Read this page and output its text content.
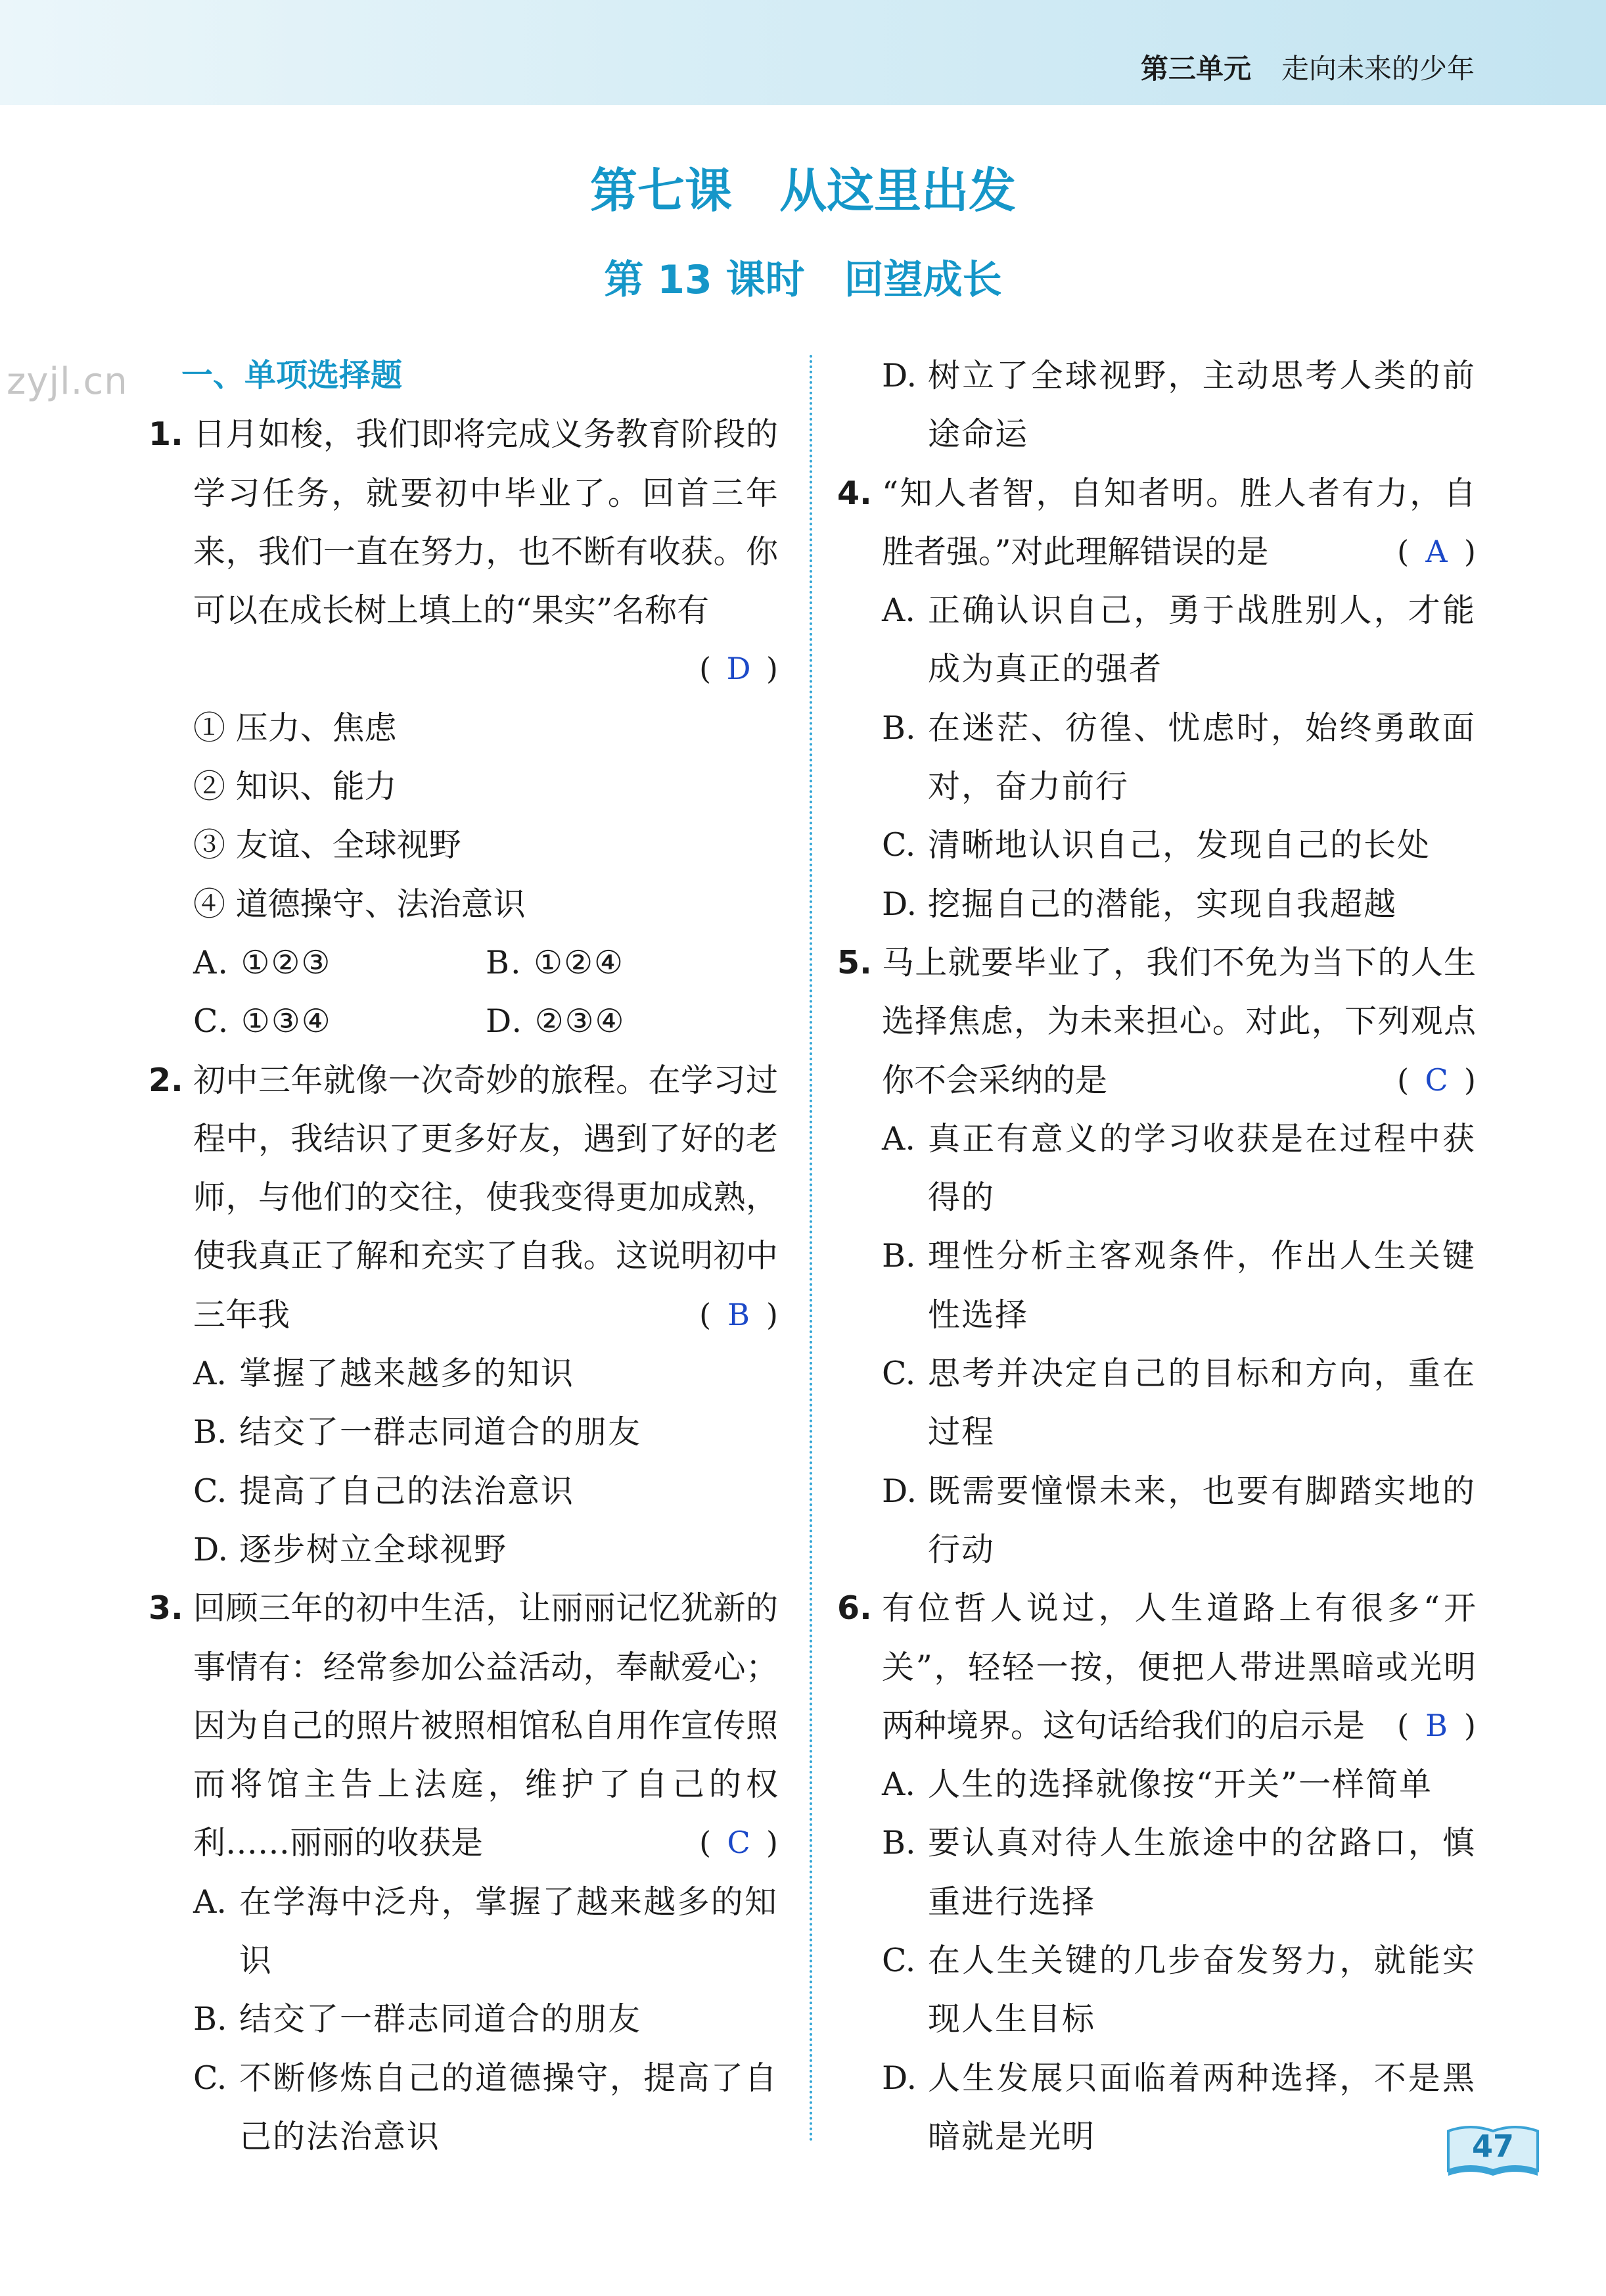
第三单元 走向未来的少年
zyjl.cn
第七课　从这里出发
第 13 课时　回望成长
一、单项选择题
1. 日月如梭，我们即将完成义务教育阶段的学习任务，就要初中毕业了。回首三年来，我们一直在努力，也不断有收获。你可以在成长树上填上的“果实”名称有
( D )
① 压力、焦虑
② 知识、能力
③ 友谊、全球视野
④ 道德操守、法治意识
A. ①②③	B. ①②④
C. ①③④	D. ②③④
2.
( B )
初中三年就像一次奇妙的旅程。在学习过程中，我结识了更多好友，遇到了好的老师，与他们的交往，使我变得更加成熟，使我真正了解和充实了自我。这说明初中三年我
A. 掌握了越来越多的知识
B. 结交了一群志同道合的朋友
C. 提高了自己的法治意识
D. 逐步树立全球视野
3.
( C )
回顾三年的初中生活，让丽丽记忆犹新的事情有：经常参加公益活动，奉献爱心；因为自己的照片被照相馆私自用作宣传照而将馆主告上法庭，维护了自己的权利……丽丽的收获是
A. 在学海中泛舟，掌握了越来越多的知识
B. 结交了一群志同道合的朋友
C. 不断修炼自己的道德操守，提高了自己的法治意识
D. 树立了全球视野，主动思考人类的前途命运
4.
( A )
“知人者智，自知者明。胜人者有力，自胜者强。”对此理解错误的是
A. 正确认识自己，勇于战胜别人，才能成为真正的强者
B. 在迷茫、彷徨、忧虑时，始终勇敢面对，奋力前行
C. 清晰地认识自己，发现自己的长处
D. 挖掘自己的潜能，实现自我超越
5.
( C )
马上就要毕业了，我们不免为当下的人生选择焦虑，为未来担心。对此，下列观点你不会采纳的是
A. 真正有意义的学习收获是在过程中获得的
B. 理性分析主客观条件，作出人生关键性选择
C. 思考并决定自己的目标和方向，重在过程
D. 既需要憧憬未来，也要有脚踏实地的行动
6.
( B )
有位哲人说过，人生道路上有很多“开关”，轻轻一按，便把人带进黑暗或光明两种境界。这句话给我们的启示是
A. 人生的选择就像按“开关”一样简单
B. 要认真对待人生旅途中的岔路口，慎重进行选择
C. 在人生关键的几步奋发努力，就能实现人生目标
D. 人生发展只面临着两种选择，不是黑暗就是光明	47
